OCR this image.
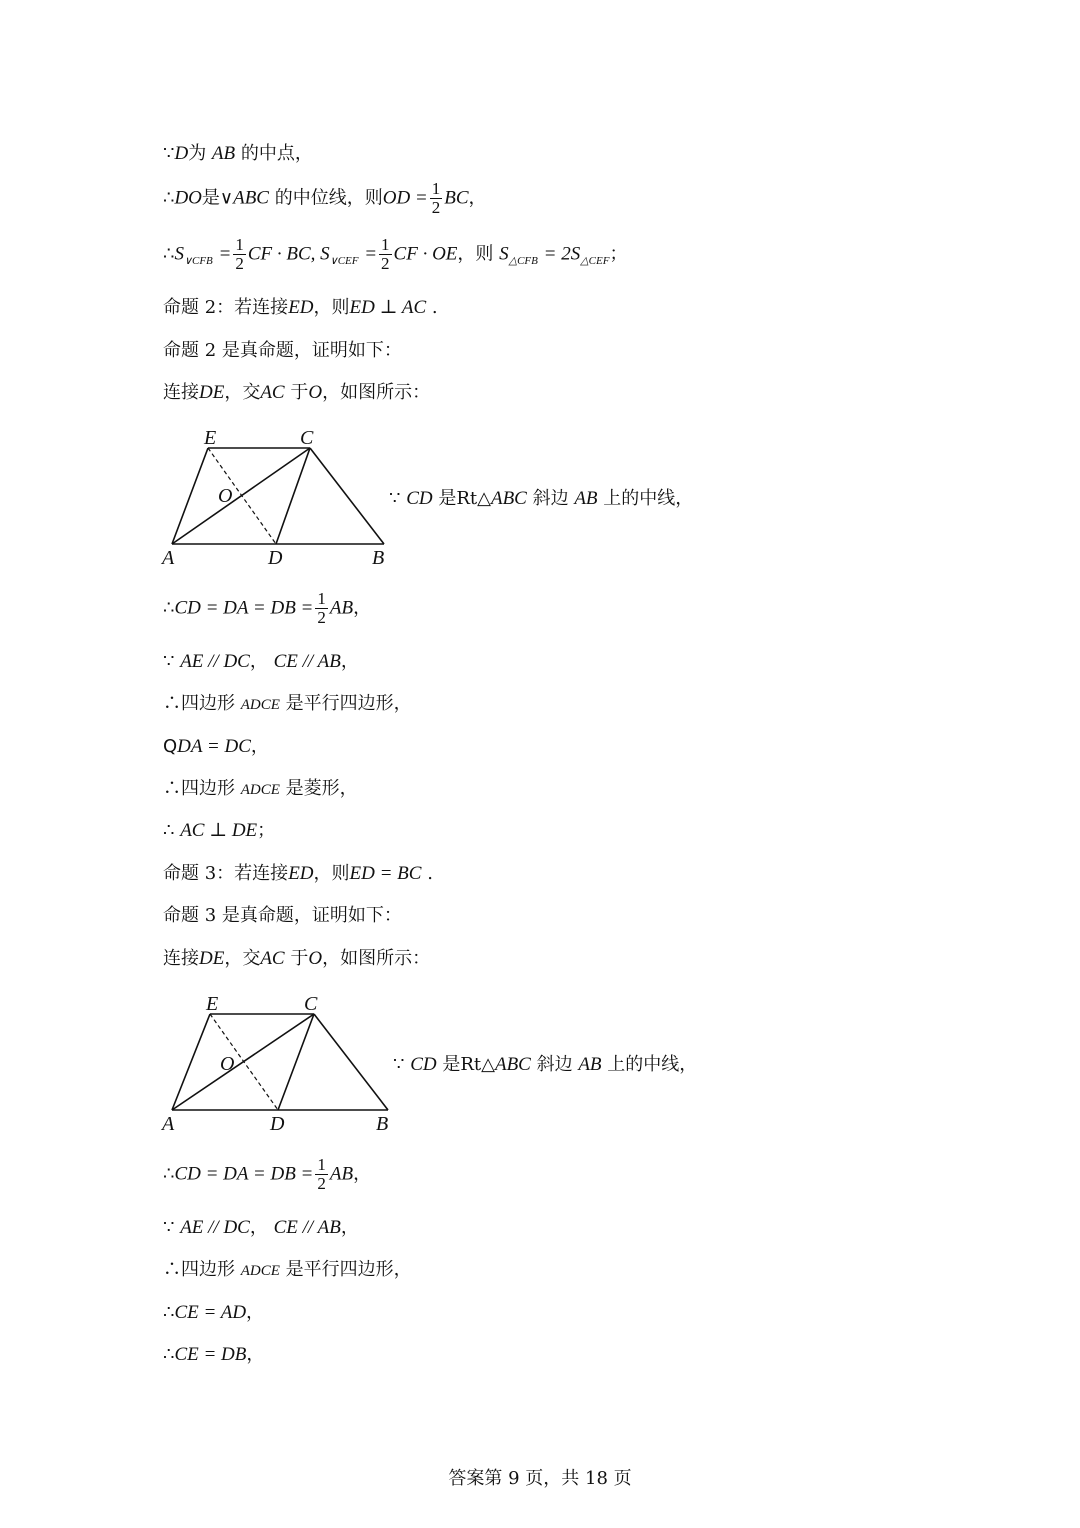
∵D为 AB 的中点，
∴DO是∨ABC 的中位线，则OD = $\frac{1}{2}$ BC，
$\therefore S_{\vee CFB} = \frac{1}{2}$ CF · BC, $S_{\vee CEF} = \frac{1}{2}$ CF · OE，则 $S_{\triangle CFB} = 2S_{\triangle CEF}$；
命题 2：若连接ED，则ED ⊥ AC .
命题 2 是真命题，证明如下：
连接DE，交AC 于O，如图所示：
E	C
O
A	D	B
∵ CD 是Rt△ABC 斜边 AB 上的中线，
∴CD = DA = DB = $\frac{1}{2}$ AB，
∵ AE // DC， CE // AB，
∴四边形 ADCE 是平行四边形，
QDA = DC，
∴四边形 ADCE 是菱形，
∴ AC ⊥ DE；
命题 3：若连接ED，则ED = BC .
命题 3 是真命题，证明如下：
连接DE，交AC 于O，如图所示：
E	C
O
A	D	B
∵ CD 是Rt△ABC 斜边 AB 上的中线，
∴CD = DA = DB = $\frac{1}{2}$ AB，
∵ AE // DC， CE // AB，
∴四边形 ADCE 是平行四边形，
∴CE = AD，
∴CE = DB，
答案第 9 页，共 18 页
